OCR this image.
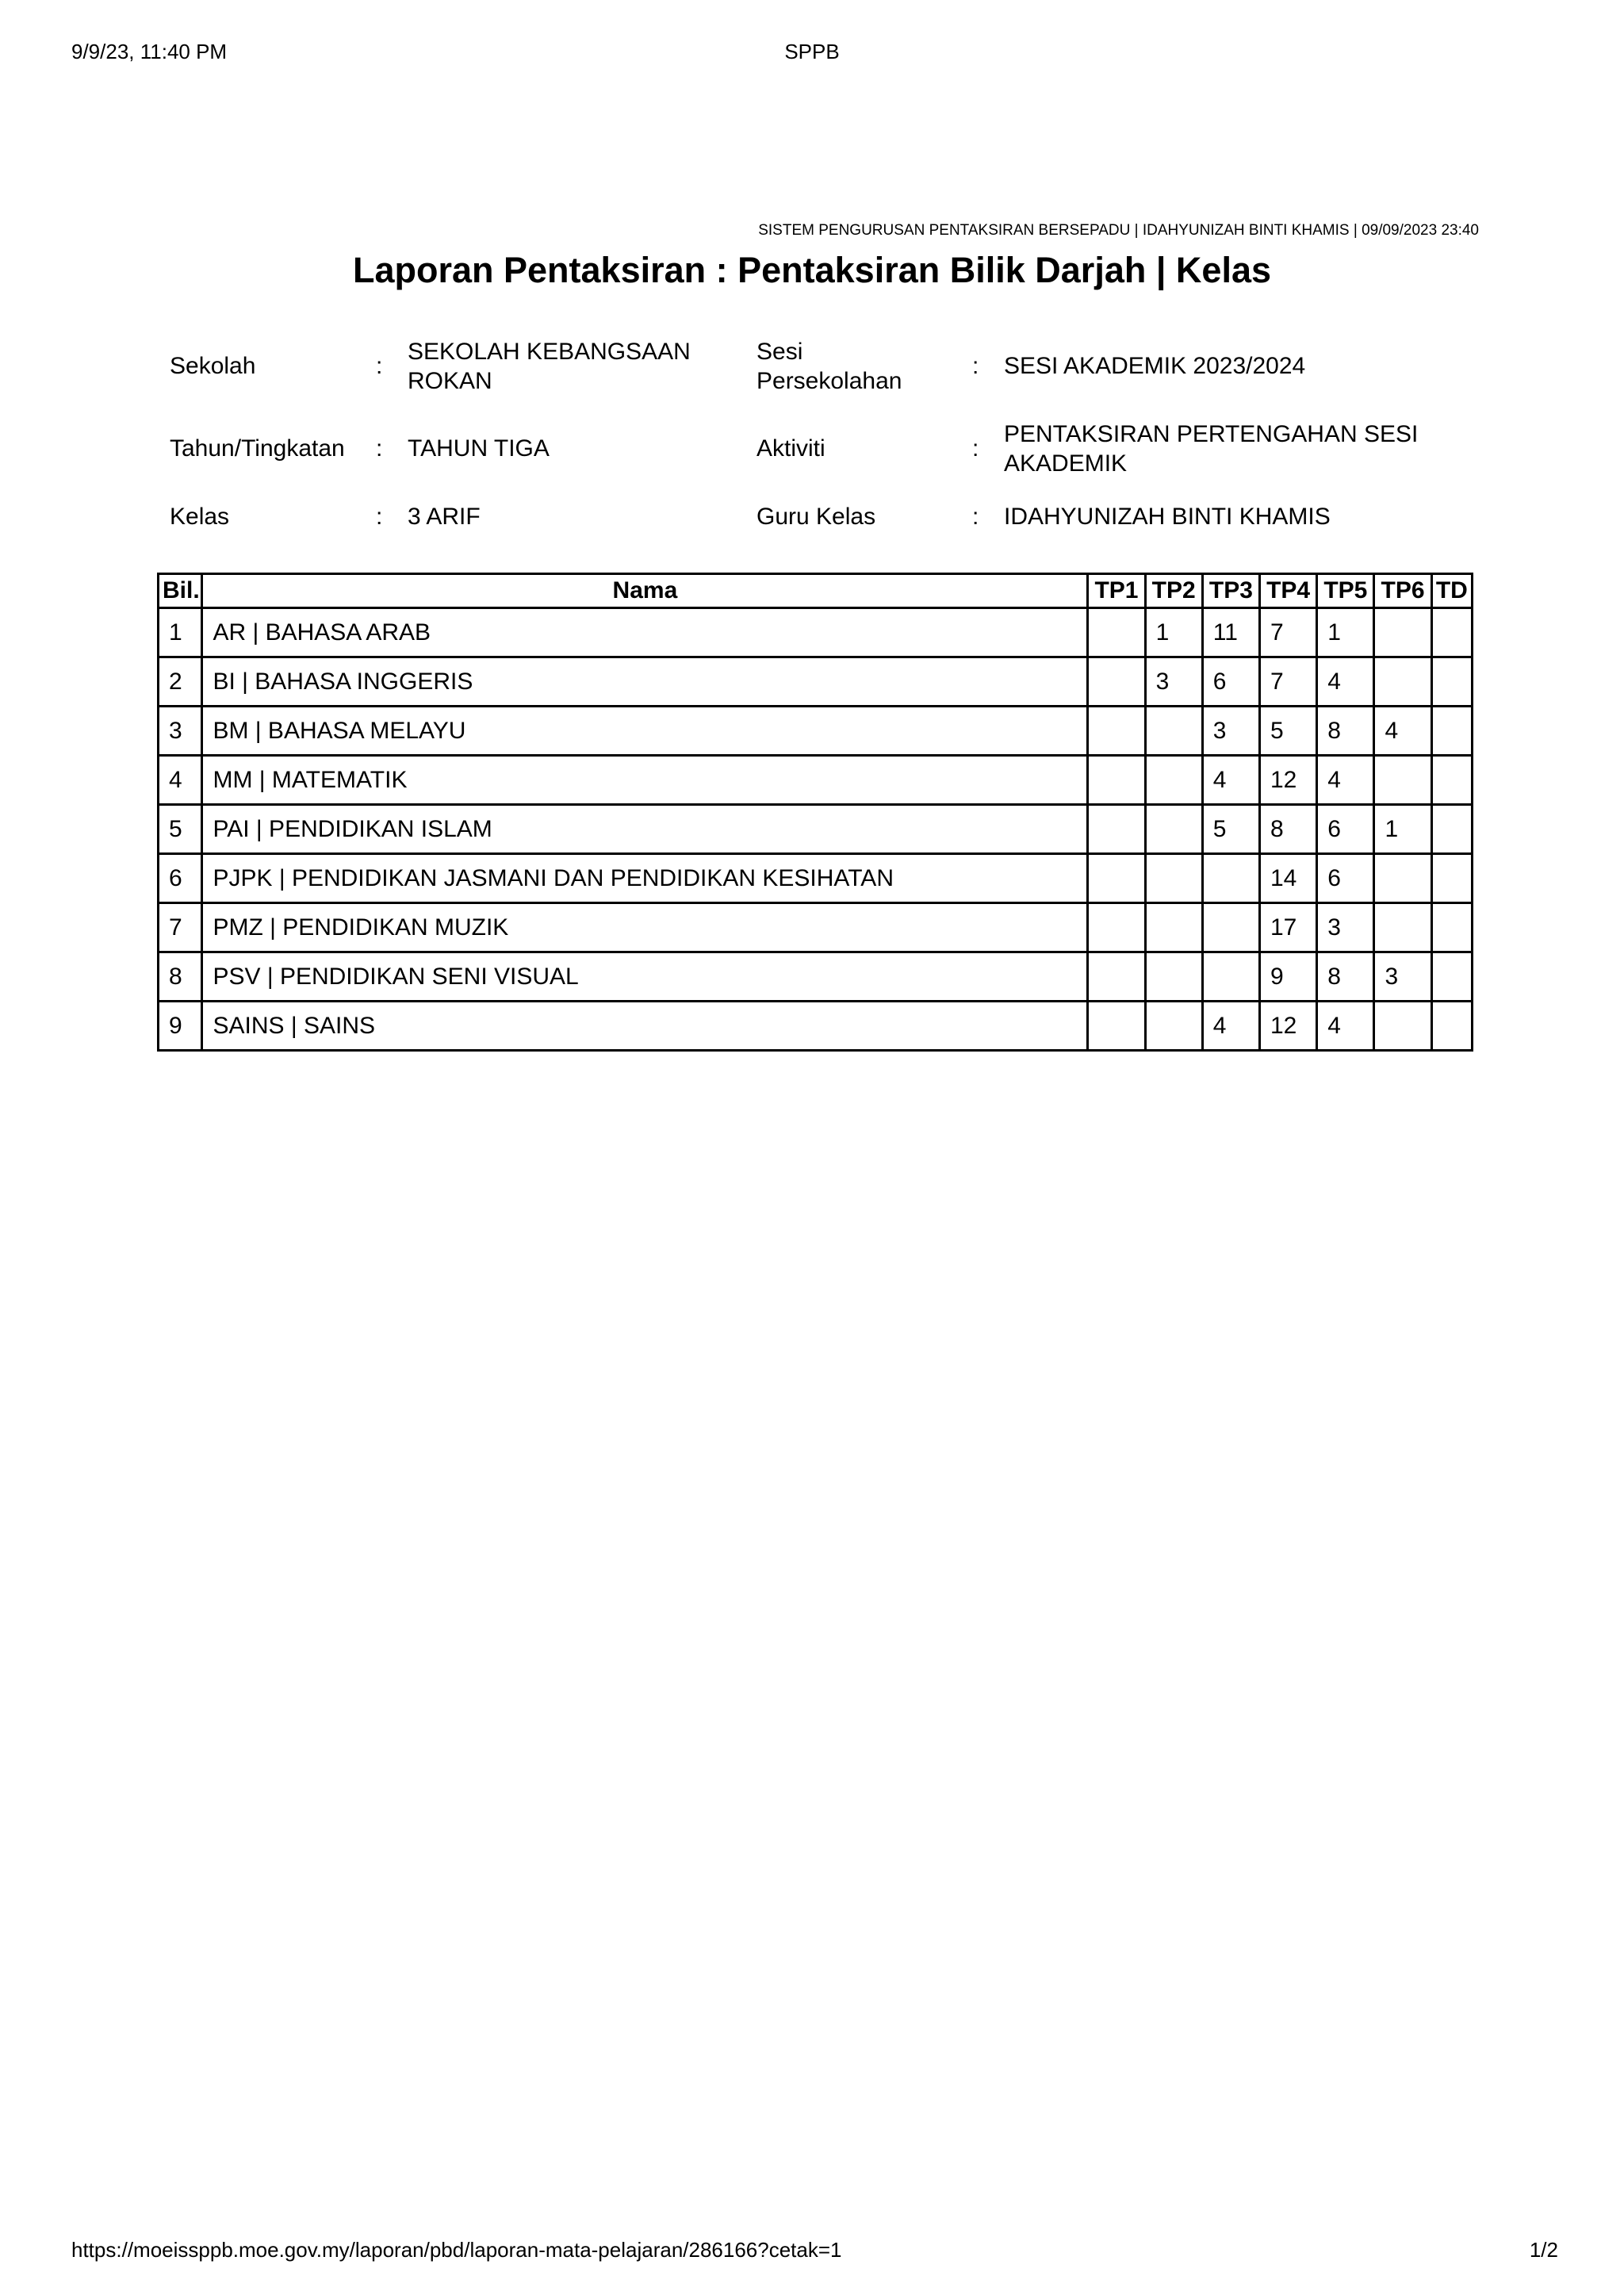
9/9/23, 11:40 PM	SPPB
SISTEM PENGURUSAN PENTAKSIRAN BERSEPADU | IDAHYUNIZAH BINTI KHAMIS | 09/09/2023 23:40
Laporan Pentaksiran : Pentaksiran Bilik Darjah | Kelas
Sekolah	:
SEKOLAH KEBANGSAAN ROKAN
Sesi Persekolahan
: SESI AKADEMIK 2023/2024
Tahun/Tingkatan	: TAHUN TIGA	Aktiviti	:
PENTAKSIRAN PERTENGAHAN SESI AKADEMIK
Kelas	: 3 ARIF	Guru Kelas	: IDAHYUNIZAH BINTI KHAMIS
Bil.	Nama	TP1	TP2	TP3	TP4	TP5	TP6	TD
1	AR | BAHASA ARAB		1	11	7	1		
2	BI | BAHASA INGGERIS		3	6	7	4		
3	BM | BAHASA MELAYU			3	5	8	4	
4	MM | MATEMATIK			4	12	4		
5	PAI | PENDIDIKAN ISLAM			5	8	6	1	
6	PJPK | PENDIDIKAN JASMANI DAN PENDIDIKAN KESIHATAN				14	6		
7	PMZ | PENDIDIKAN MUZIK				17	3		
8	PSV | PENDIDIKAN SENI VISUAL				9	8	3	
9	SAINS | SAINS			4	12	4		
https://moeissppb.moe.gov.my/laporan/pbd/laporan-mata-pelajaran/286166?cetak=1	1/2
